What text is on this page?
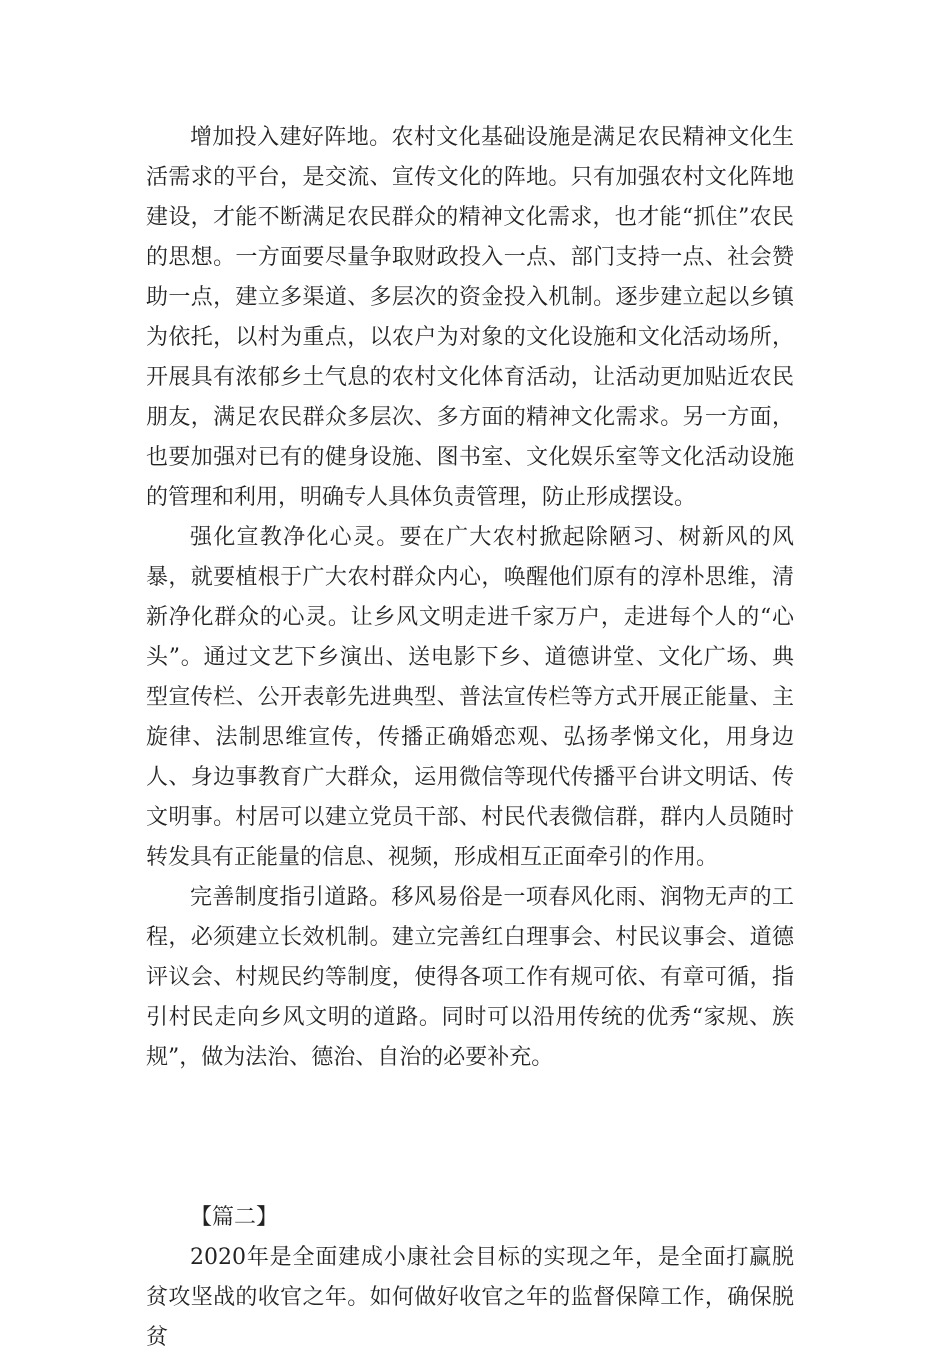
增加投入建好阵地。农村文化基础设施是满足农民精神文化生活需求的平台，是交流、宣传文化的阵地。只有加强农村文化阵地建设，才能不断满足农民群众的精神文化需求，也才能“抓住”农民的思想。一方面要尽量争取财政投入一点、部门支持一点、社会赞助一点，建立多渠道、多层次的资金投入机制。逐步建立起以乡镇为依托，以村为重点，以农户为对象的文化设施和文化活动场所，开展具有浓郁乡土气息的农村文化体育活动，让活动更加贴近农民朋友，满足农民群众多层次、多方面的精神文化需求。另一方面，也要加强对已有的健身设施、图书室、文化娱乐室等文化活动设施的管理和利用，明确专人具体负责管理，防止形成摆设。

强化宣教净化心灵。要在广大农村掀起除陋习、树新风的风暴，就要植根于广大农村群众内心，唤醒他们原有的淳朴思维，清新净化群众的心灵。让乡风文明走进千家万户，走进每个人的“心头”。通过文艺下乡演出、送电影下乡、道德讲堂、文化广场、典型宣传栏、公开表彰先进典型、普法宣传栏等方式开展正能量、主旋律、法制思维宣传，传播正确婚恋观、弘扬孝悌文化，用身边人、身边事教育广大群众，运用微信等现代传播平台讲文明话、传文明事。村居可以建立党员干部、村民代表微信群，群内人员随时转发具有正能量的信息、视频，形成相互正面牵引的作用。

完善制度指引道路。移风易俗是一项春风化雨、润物无声的工程，必须建立长效机制。建立完善红白理事会、村民议事会、道德评议会、村规民约等制度，使得各项工作有规可依、有章可循，指引村民走向乡风文明的道路。同时可以沿用传统的优秀“家规、族规”，做为法治、德治、自治的必要补充。

【篇二】

2020年是全面建成小康社会目标的实现之年，是全面打赢脱贫攻坚战的收官之年。如何做好收官之年的监督保障工作，确保脱贫
